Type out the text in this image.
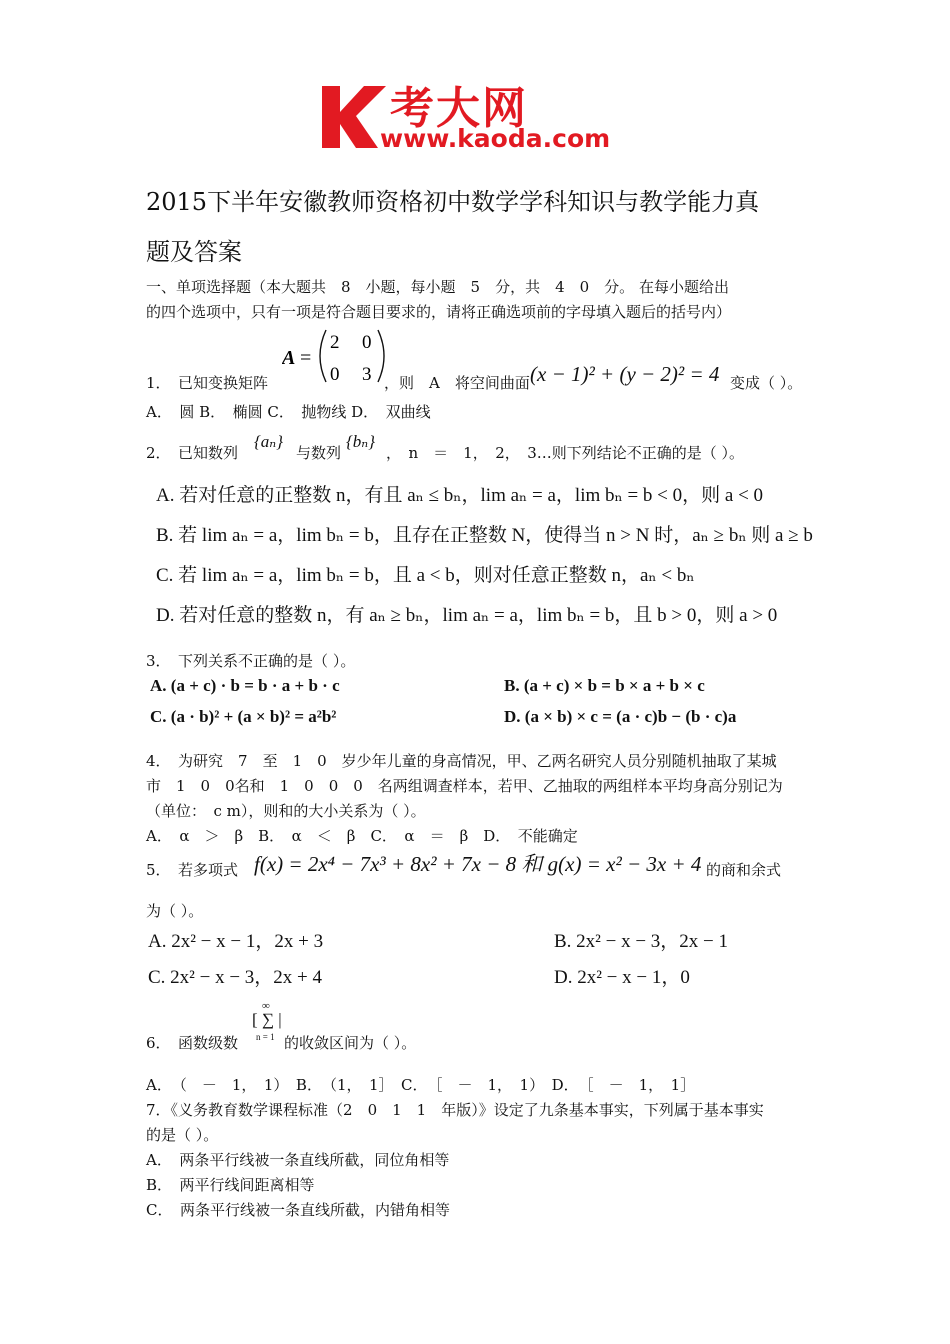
考大网
www.kaoda.com
2015下半年安徽教师资格初中数学学科知识与教学能力真
题及答案
一、单项选择题（本大题共　8　小题，每小题　5　分，共　4　0　分。 在每小题给出
的四个选项中，只有一项是符合题目要求的，请将正确选项前的字母填入题后的括号内）
A =
2 0
0 3
1．　已知变换矩阵	，则　A　将空间曲面 (x − 1)² + (y − 2)² = 4 变成（ ）。
A．　圆 B．　椭圆 C．　抛物线 D．　双曲线
2．　已知数列
{aₙ}
与数列
{bₙ}
，　n　＝　1，　2，　3…则下列结论不正确的是（ ）。
A. 若对任意的正整数 n，有且 aₙ ≤ bₙ，lim aₙ = a，lim bₙ = b < 0，则 a < 0
B. 若 lim aₙ = a，lim bₙ = b，且存在正整数 N，使得当 n > N 时，aₙ ≥ bₙ 则 a ≥ b
C. 若 lim aₙ = a，lim bₙ = b，且 a < b，则对任意正整数 n，aₙ < bₙ
D. 若对任意的整数 n，有 aₙ ≥ bₙ，lim aₙ = a，lim bₙ = b，且 b > 0，则 a > 0
3．　下列关系不正确的是（ ）。
A. (a + c) · b = b · a + b · c	B. (a + c) × b = b × a + b × c
C. (a · b)² + (a × b)² = a²b²	D. (a × b) × c = (a · c)b − (b · c)a
4．　为研究　7　至　1　0　岁少年儿童的身高情况，甲、乙两名研究人员分别随机抽取了某城
市　1　0　0名和　1　0　0　0　名两组调查样本，若甲、乙抽取的两组样本平均身高分别记为
（单位：　c m），则和的大小关系为（ ）。
A．　α　＞　β　B．　α　＜　β　C．　α　＝　β　D．　不能确定
5．　若多项式 f(x) = 2x⁴ − 7x³ + 8x² + 7x − 8 和 g(x) = x² − 3x + 4 的商和余式
为（ ）。
A. 2x² − x − 1，2x + 3	B. 2x² − x − 3，2x − 1
C. 2x² − x − 3，2x + 4	D. 2x² − x − 1，0
6．　函数级数
∞
[ ∑ |
n = 1 的收敛区间为（ ）。
A．　（　－　1，　1）　B．　（1，　1］　C．　［　－　1，　1）　D．　［　－　1，　1］
7．《义务教育数学课程标准（2　0　1　1　年版）》设定了九条基本事实，下列属于基本事实
的是（ ）。
A．　两条平行线被一条直线所截，同位角相等
B．　两平行线间距离相等
C．　两条平行线被一条直线所截，内错角相等
